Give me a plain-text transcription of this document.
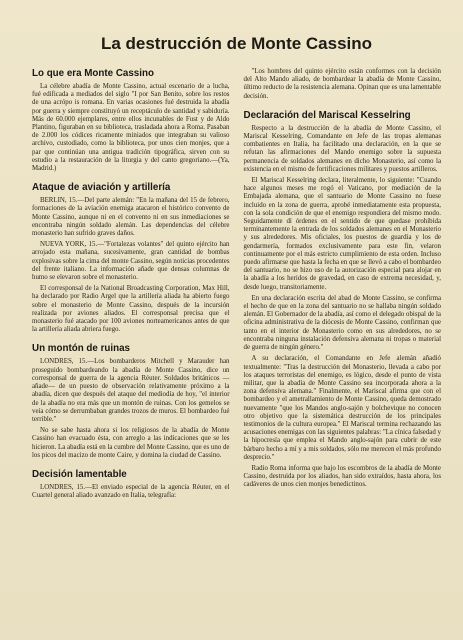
La destrucción de Monte Cassino
Lo que era Monte Cassino

La célebre abadía de Monte Cassino, actual escenario de a lucha, fué edificada a mediados del siglo "I por San Benito, sobre los restos de una acrópo is romana. En varias ocasiones fué destruida la abadía por guerra y siempre constituyó un receptáculo de santidad y sabiduría. Más de 60.000 ejemplares, entre ellos incunables de Fust y de Aldo Plantino, figuraban en su biblioteca, trasladada ahora a Roma. Pasaban de 2.000 los códices ricamente miniados que integraban su valioso archivo, custodiado, como la biblioteca, por unos cien monjes, que a par que continúan una antigua tradición tipográfica, sirven con su estudio a la restauración de la liturgia y del canto gregoriano.—(Ya, Madrid.)

Ataque de aviación y artillería

BERLIN, 15.—Del parte alemán: "En la mañana del 15 de febrero, formaciones de la aviación enemiga atacaron el histórico convento de Monte Cassino, aunque ni en el convento ni en sus inmediaciones se encontraba ningún soldado alemán. Las dependencias del célebre monasterio han sufrido graves daños.

NUEVA YORK, 15.—"Fortalezas volantes" del quinto ejército han arrojado esta mañana, sucesivamente, gran cantidad de bombas explosivas sobre la cima del monte Cassino, según noticias procedentes del frente italiano. La información añade que densas columnas de humo se elevaron sobre el monasterio.

El corresponsal de la National Broadcasting Corporation, Max Hill, ha declarado por Radio Argel que la artillería aliada ha abierto fuego sobre el monasterio de Monte Cassino, después de la incursión realizada por aviones aliados. El corresponsal precisa que el monasterio fué atacado por 100 aviones norteamericanos antes de que la artillería aliada abriera fuego.

Un montón de ruinas

LONDRES, 15.—Los bombarderos Mitchell y Marauder han proseguido bombardeando la abadía de Monte Cassino, dice un corresponsal de guerra de la agencia Réuter. Soldados británicos —añade— de un puesto de observación relativamente próximo a la abadía, dicen que después del ataque del mediodía de hoy, "el interior de la abadía no era más que un montón de ruinas. Con los gemelos se veía cómo se derrumbaban grandes trozos de muros. El bombardeo fué terrible."

No se sabe hasta ahora si los religiosos de la abadía de Monte Cassino han evacuado ésta, con arreglo a las indicaciones que se les hicieron. La abadía está en la cumbre del Monte Cassino, que es uno de los picos del macizo de monte Caire, y domina la ciudad de Cassino.

Decisión lamentable

LONDRES, 15.—El enviado especial de la agencia Réuter, en el Cuartel general aliado avanzado en Italia, telegrafía:

"Los hombres del quinto ejército están conformes con la decisión del Alto Mando aliado, de bombardear la abadía de Monte Cassino, último reducto de la resistencia alemana. Opinan que es una lamentable decisión.

Declaración del Mariscal Kesselring

Respecto a la destrucción de la abadía de Monte Cassino, el Mariscal Kesselring, Comandante en Jefe de las tropas alemanas combatientes en Italia, ha facilitado una declaración, en la que se refutan las afirmaciones del Mando enemigo sobre la supuesta permanencia de soldados alemanes en dicho Monasterio, así como la existencia en el mismo de fortificaciones militares y puestos artilleros.

El Mariscal Kesselring declara, literalmente, lo siguiente: "Cuando hace algunos meses me rogó el Vaticano, por mediación de la Embajada alemana, que el santuario de Monte Cassino no fuese incluido en la zona de guerra, aprobé inmediatamente esta propuesta, con la sola condición de que el enemigo respondiera del mismo modo. Seguidamente dí órdenes en el sentido de que quedase prohibida terminantemente la entrada de los soldados alemanes en el Monasterio y sus alrededores. Mis oficiales, los puestos de guardia y los de gendarmería, formados exclusivamente para este fin, velaron continuamente por el más estricto cumplimiento de esta orden. Incluso puedo afirmarse que hasta la fecha en que se llevó a cabo el bombardeo del santuario, no se hizo uso de la autorización especial para alojar en la abadía a los heridos de gravedad, en caso de extrema necesidad, y, desde luego, transitoriamente.

En una declaración escrita del abad de Monte Cassino, se confirma el hecho de que en la zona del santuario no se hallaba ningún soldado alemán. El Gobernador de la abadía, así como el delegado obispal de la oficina administrativa de la diócesis de Monte Cassino, confirman que tanto en el interior de Monasterio como en sus alrededores, no se encontraba ninguna instalación defensiva alemana ni tropas o material de guerra de ningún género."

A su declaración, el Comandante en Jefe alemán añadió textualmente: "Tras la destrucción del Monasterio, llevada a cabo por los ataques terroristas del enemigo, es lógico, desde el punto de vista militar, que la abadía de Monte Cassino sea incorporada ahora a la zona defensiva alemana." Finalmente, el Mariscal afirma que con el bombardeo y el ametrallamiento de Monte Cassino, queda demostrado nuevamente "que los Mandos anglo-sajón y bolchevique no conocen otro objetivo que la sistemática destrucción de los principales testimonios de la cultura europea." El Mariscal termina rechazando las acusaciones enemigas con las siguientes palabras: "La cínica falsedad y la hipocresía que emplea el Mando anglo-sajón para cubrir de este bárbaro hecho a mí y a mis soldados, sólo me merecen el más profundo desprecio."

Radio Roma informa que bajo los escombros de la abadía de Monte Cassino, destruida por los aliados, han sido extraídos, hasta ahora, los cadáveres de unos cien monjes benedictinos.
